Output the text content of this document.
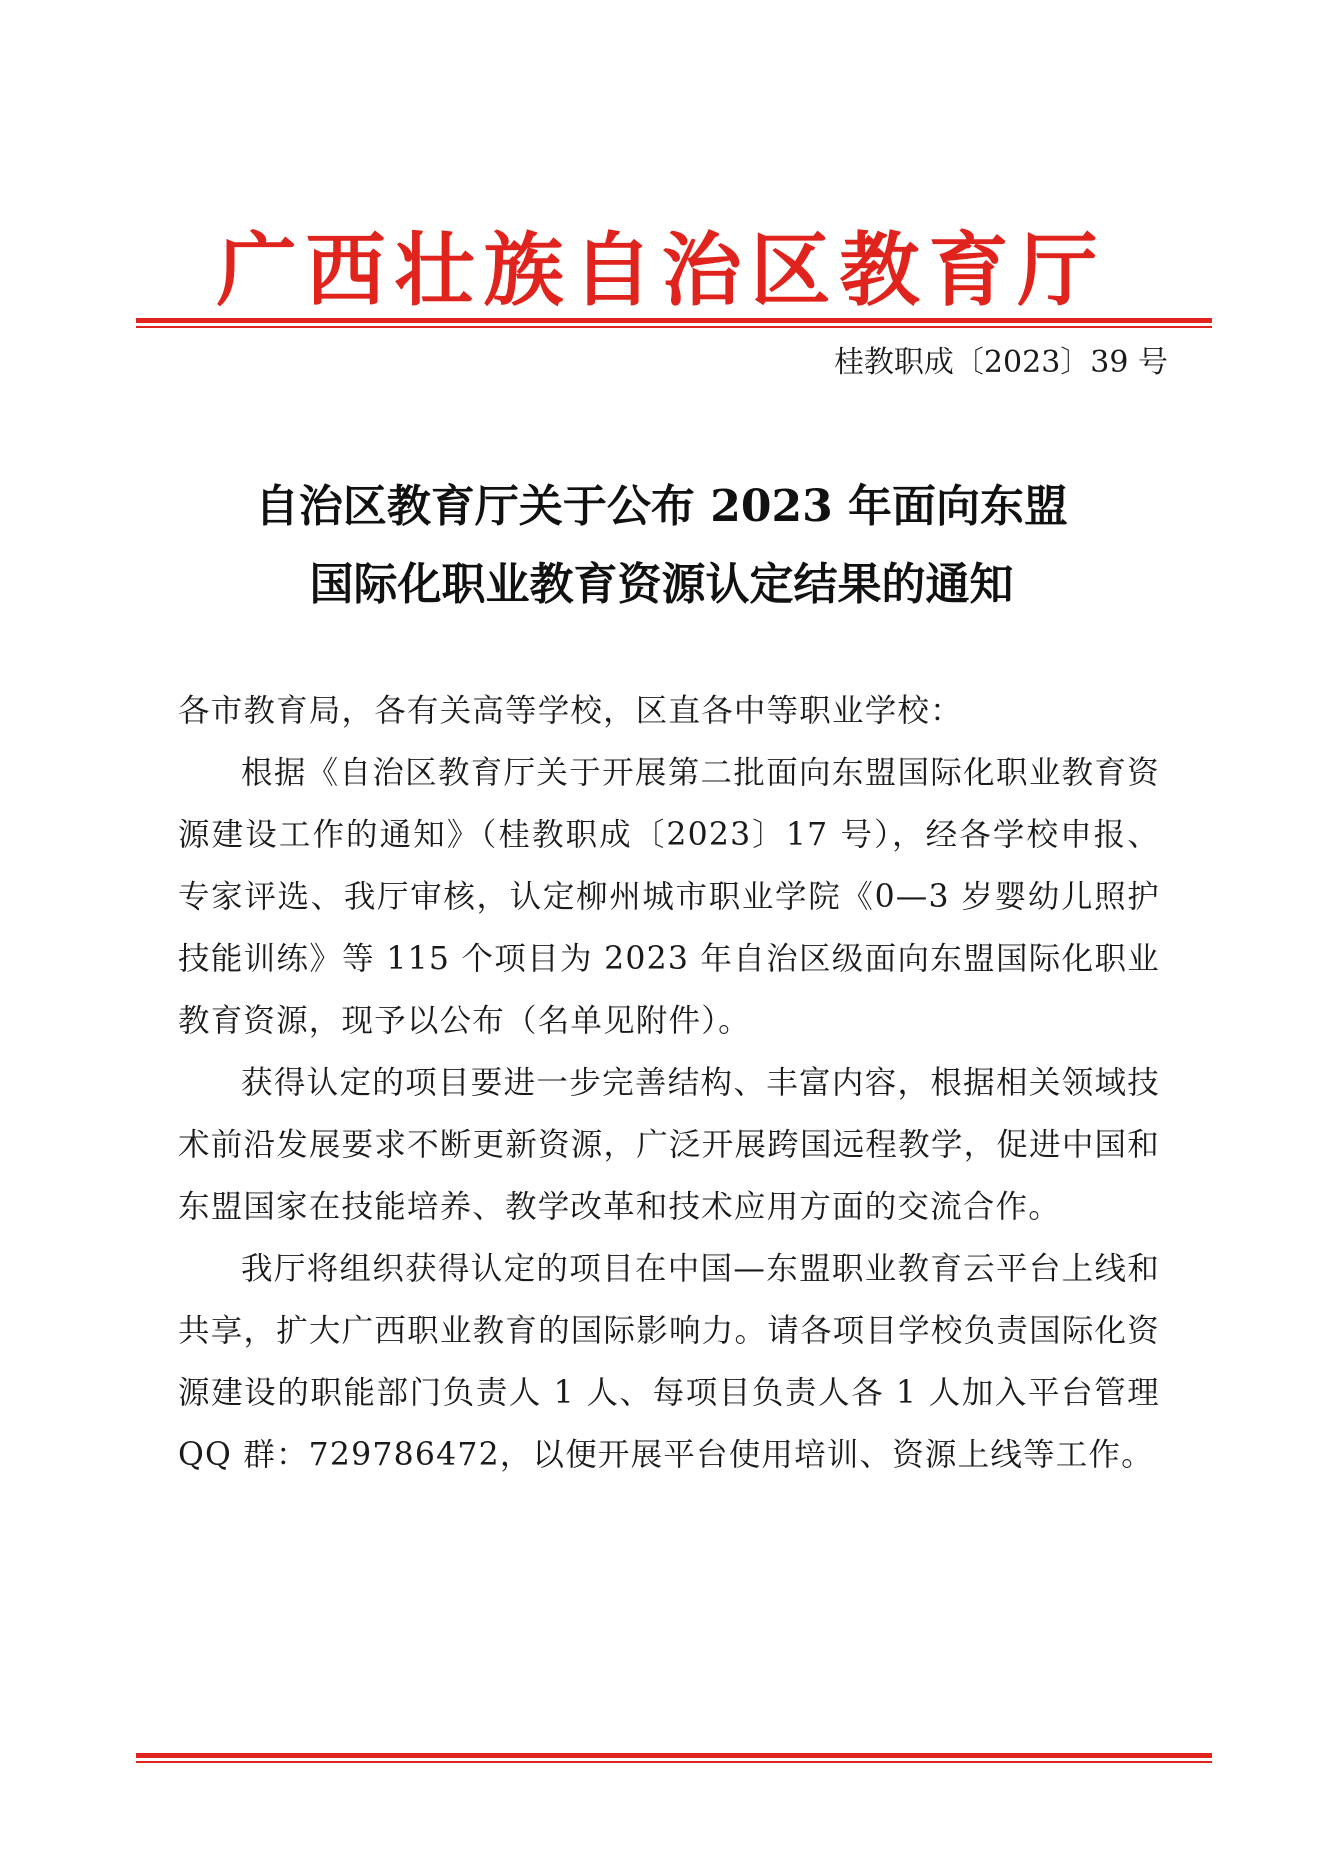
广西壮族自治区教育厅
桂教职成〔2023〕39 号
自治区教育厅关于公布 2023 年面向东盟
国际化职业教育资源认定结果的通知

各市教育局，各有关高等学校，区直各中等职业学校：

根据《自治区教育厅关于开展第二批面向东盟国际化职业教育资源建设工作的通知》（桂教职成〔2023〕17 号），经各学校申报、专家评选、我厅审核，认定柳州城市职业学院《0—3 岁婴幼儿照护技能训练》等 115 个项目为 2023 年自治区级面向东盟国际化职业教育资源，现予以公布（名单见附件）。

获得认定的项目要进一步完善结构、丰富内容，根据相关领域技术前沿发展要求不断更新资源，广泛开展跨国远程教学，促进中国和东盟国家在技能培养、教学改革和技术应用方面的交流合作。

我厅将组织获得认定的项目在中国—东盟职业教育云平台上线和共享，扩大广西职业教育的国际影响力。请各项目学校负责国际化资源建设的职能部门负责人 1 人、每项目负责人各 1 人加入平台管理 QQ 群：729786472，以便开展平台使用培训、资源上线等工作。
